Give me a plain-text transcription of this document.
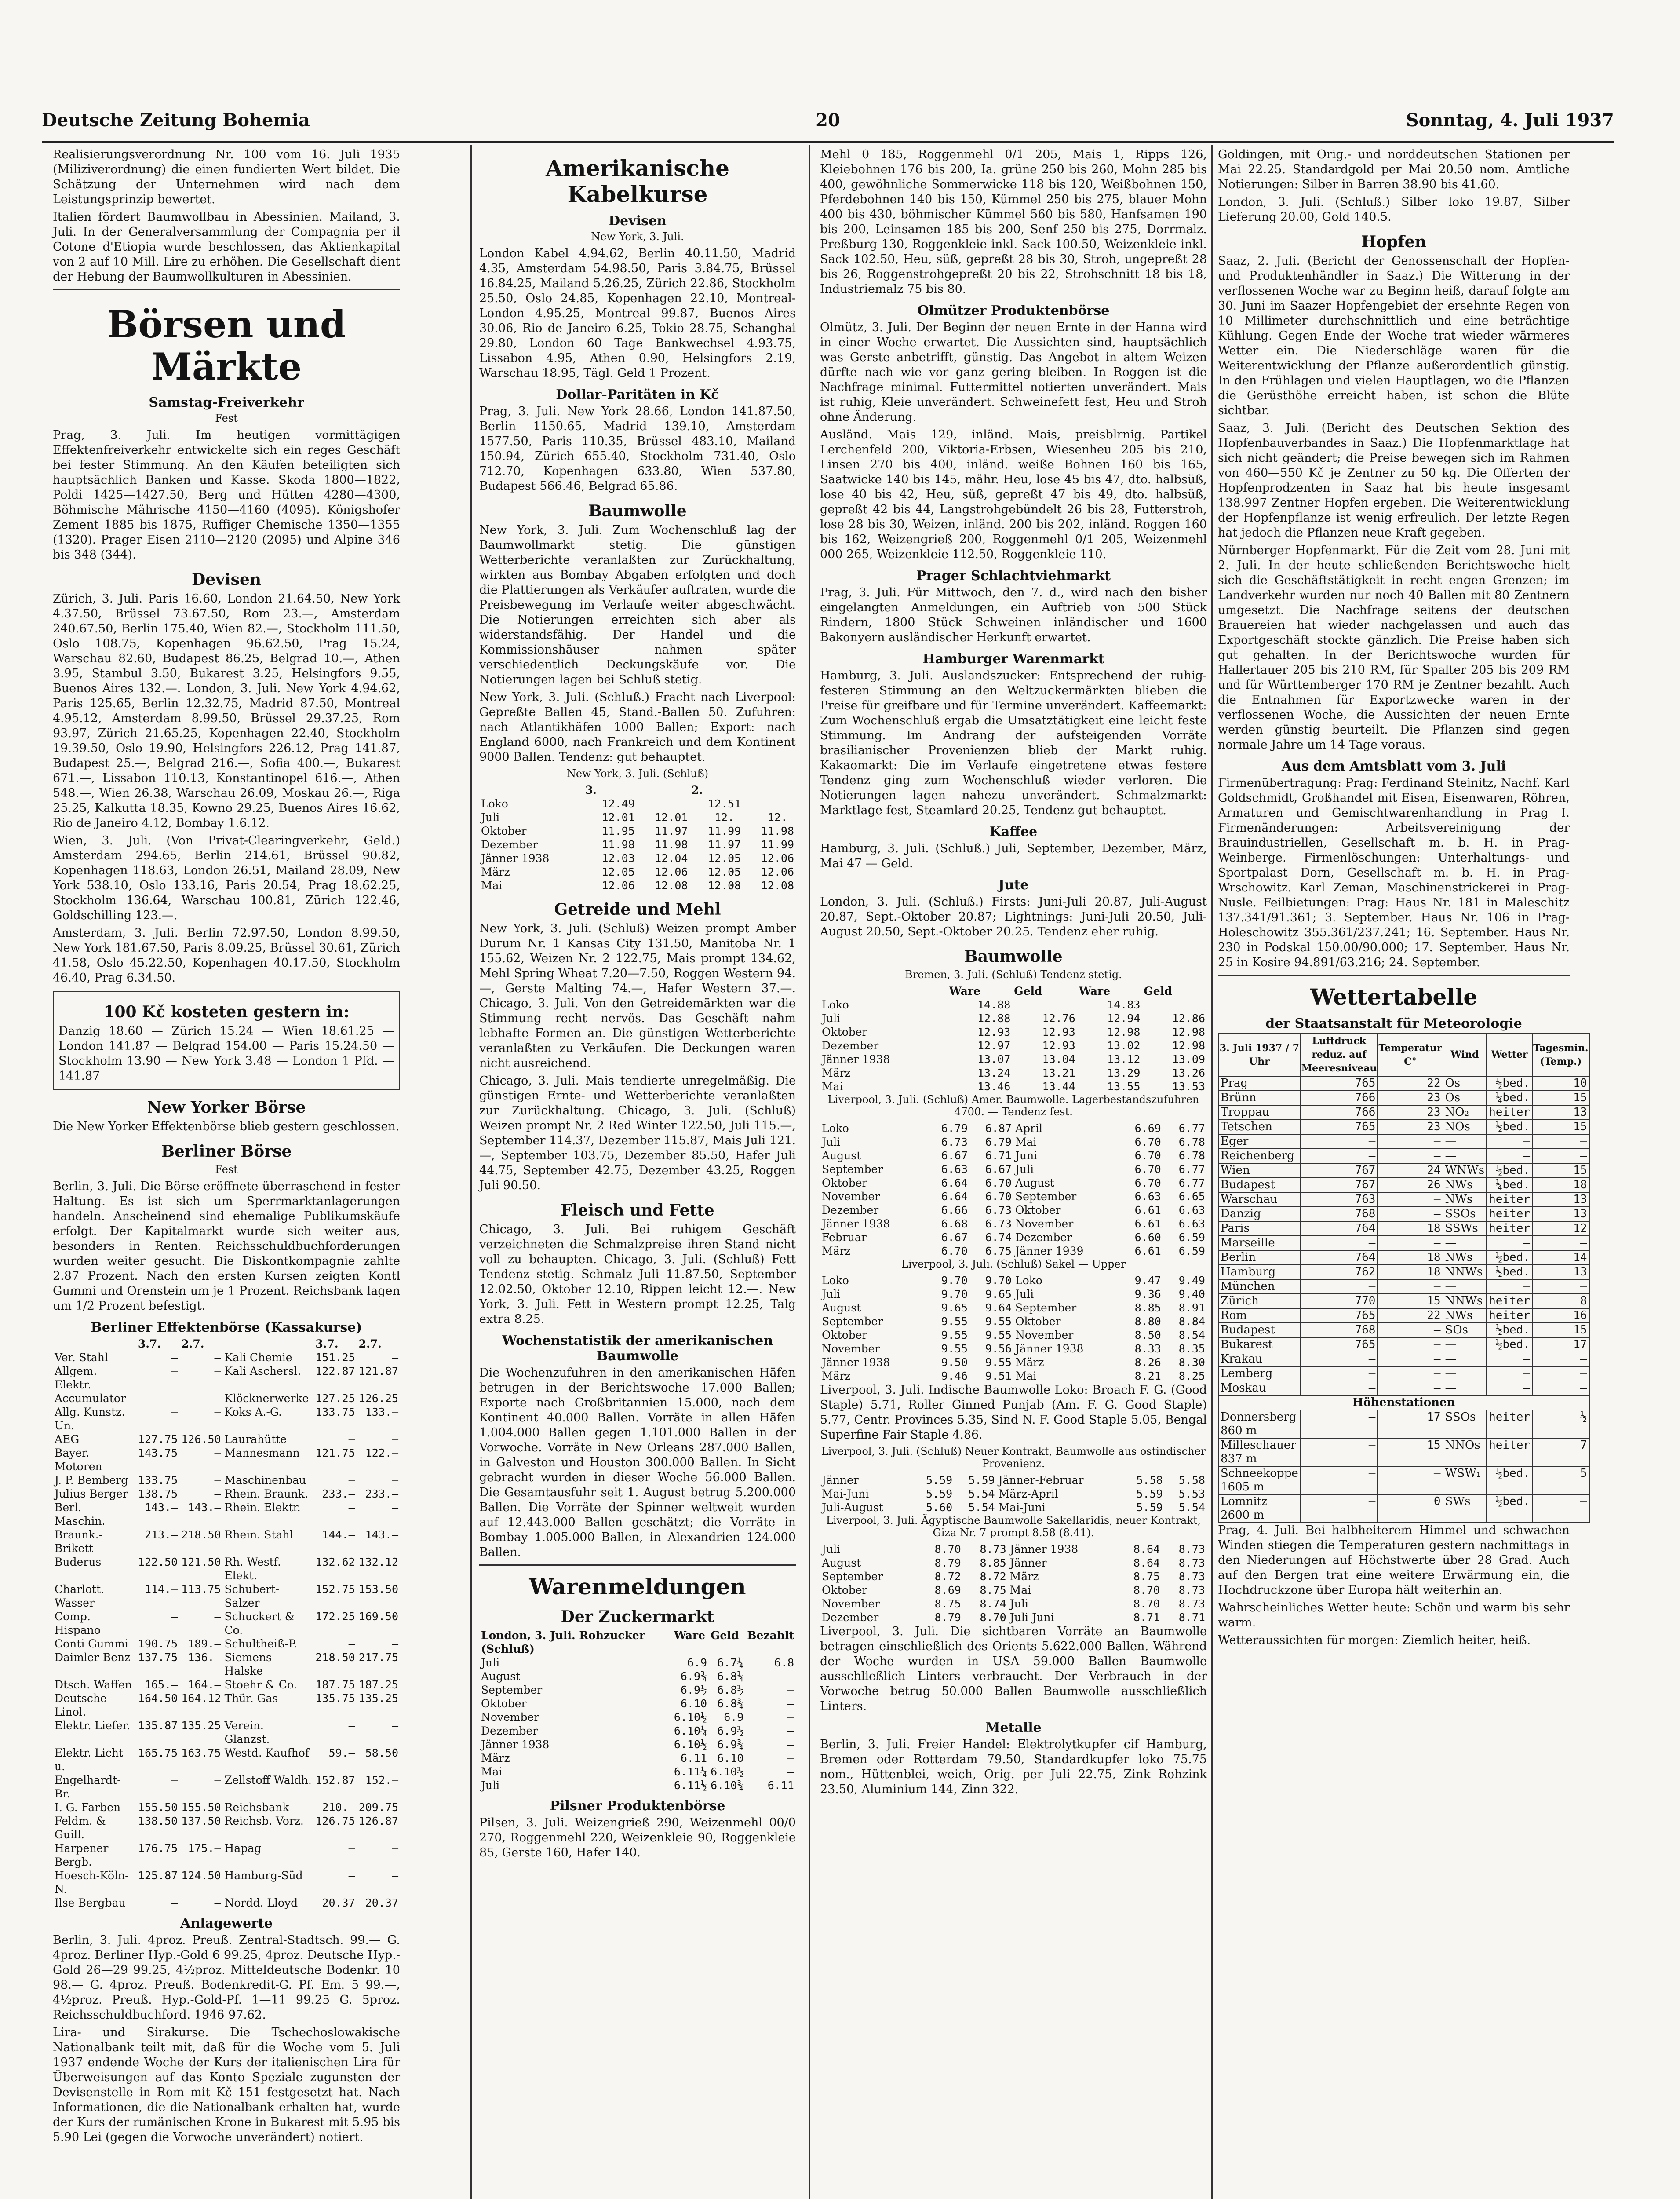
Deutsche Zeitung Bohemia	20	Sonntag, 4. Juli 1937

Realisierungsverordnung Nr. 100 vom 16. Juli 1935 (Miliziverordnung) die einen fundierten Wert bildet. Die Schätzung der Unternehmen wird nach dem Leistungsprinzip bewertet.

Italien fördert Baumwollbau in Abessinien. Mailand, 3. Juli. In der Generalversammlung der Compagnia per il Cotone d'Etiopia wurde beschlossen, das Aktienkapital von 2 auf 10 Mill. Lire zu erhöhen. Die Gesellschaft dient der Hebung der Baumwollkulturen in Abessinien.

Börsen und Märkte
Samstag-Freiverkehr
Fest

Prag, 3. Juli. Im heutigen vormittägigen Effektenfreiverkehr entwickelte sich ein reges Geschäft bei fester Stimmung. An den Käufen beteiligten sich hauptsächlich Banken und Kasse. Skoda 1800—1822, Poldi 1425—1427.50, Berg und Hütten 4280—4300, Böhmische Mährische 4150—4160 (4095). Königshofer Zement 1885 bis 1875, Ruffiger Chemische 1350—1355 (1320). Prager Eisen 2110—2120 (2095) und Alpine 346 bis 348 (344).

Devisen

Zürich, 3. Juli. Paris 16.60, London 21.64.50, New York 4.37.50, Brüssel 73.67.50, Rom 23.—, Amsterdam 240.67.50, Berlin 175.40, Wien 82.—, Stockholm 111.50, Oslo 108.75, Kopenhagen 96.62.50, Prag 15.24, Warschau 82.60, Budapest 86.25, Belgrad 10.—, Athen 3.95, Stambul 3.50, Bukarest 3.25, Helsingfors 9.55, Buenos Aires 132.—. London, 3. Juli. New York 4.94.62, Paris 125.65, Berlin 12.32.75, Madrid 87.50, Montreal 4.95.12, Amsterdam 8.99.50, Brüssel 29.37.25, Rom 93.97, Zürich 21.65.25, Kopenhagen 22.40, Stockholm 19.39.50, Oslo 19.90, Helsingfors 226.12, Prag 141.87, Budapest 25.—, Belgrad 216.—, Sofia 400.—, Bukarest 671.—, Lissabon 110.13, Konstantinopel 616.—, Athen 548.—, Wien 26.38, Warschau 26.09, Moskau 26.—, Riga 25.25, Kalkutta 18.35, Kowno 29.25, Buenos Aires 16.62, Rio de Janeiro 4.12, Bombay 1.6.12.

Wien, 3. Juli. (Von Privat-Clearingverkehr, Geld.) Amsterdam 294.65, Berlin 214.61, Brüssel 90.82, Kopenhagen 118.63, London 26.51, Mailand 28.09, New York 538.10, Oslo 133.16, Paris 20.54, Prag 18.62.25, Stockholm 136.64, Warschau 100.81, Zürich 122.46, Goldschilling 123.—.

Amsterdam, 3. Juli. Berlin 72.97.50, London 8.99.50, New York 181.67.50, Paris 8.09.25, Brüssel 30.61, Zürich 41.58, Oslo 45.22.50, Kopenhagen 40.17.50, Stockholm 46.40, Prag 6.34.50.

100 Kč kosteten gestern in:

Danzig 18.60 — Zürich 15.24 — Wien 18.61.25 — London 141.87 — Belgrad 154.00 — Paris 15.24.50 — Stockholm 13.90 — New York 3.48 — London 1 Pfd. — 141.87

New Yorker Börse

Die New Yorker Effektenbörse blieb gestern geschlossen.

Berliner Börse
Fest

Berlin, 3. Juli. Die Börse eröffnete überraschend in fester Haltung. Es ist sich um Sperrmarktanlagerungen handeln. Anscheinend sind ehemalige Publikumskäufe erfolgt. Der Kapitalmarkt wurde sich weiter aus, besonders in Renten. Reichsschuldbuchforderungen wurden weiter gesucht. Die Diskontkompagnie zahlte 2.87 Prozent. Nach den ersten Kursen zeigten Kontl Gummi und Orenstein um je 1 Prozent. Reichsbank lagen um 1/2 Prozent befestigt.

Berliner Effektenbörse (Kassakurse)
	3.7.	2.7.		3.7.	2.7.
Ver. Stahl	—	—	Kali Chemie	151.25	—
Allgem. Elektr.	—	—	Kali Aschersl.	122.87	121.87
Accumulator	—	—	Klöcknerwerke	127.25	126.25
Allg. Kunstz. Un.	—	—	Koks A.-G.	133.75	133.—
AEG	127.75	126.50	Laurahütte	—	—
Bayer. Motoren	143.75	—	Mannesmann	121.75	122.—
J. P. Bemberg	133.75	—	Maschinenbau	—	—
Julius Berger	138.75	—	Rhein. Braunk.	233.—	233.—
Berl. Maschin.	143.—	143.—	Rhein. Elektr.	—	—
Braunk.-Brikett	213.—	218.50	Rhein. Stahl	144.—	143.—
Buderus	122.50	121.50	Rh. Westf. Elekt.	132.62	132.12
Charlott. Wasser	114.—	113.75	Schubert-Salzer	152.75	153.50
Comp. Hispano	—	—	Schuckert & Co.	172.25	169.50
Conti Gummi	190.75	189.—	Schultheiß-P.	—	—
Daimler-Benz	137.75	136.—	Siemens-Halske	218.50	217.75
Dtsch. Waffen	165.—	164.—	Stoehr & Co.	187.75	187.25
Deutsche Linol.	164.50	164.12	Thür. Gas	135.75	135.25
Elektr. Liefer.	135.87	135.25	Verein. Glanzst.	—	—
Elektr. Licht u.	165.75	163.75	Westd. Kaufhof	59.—	58.50
Engelhardt-Br.	—	—	Zellstoff Waldh.	152.87	152.—
I. G. Farben	155.50	155.50	Reichsbank	210.—	209.75
Feldm. & Guill.	138.50	137.50	Reichsb. Vorz.	126.75	126.87
Harpener Bergb.	176.75	175.—	Hapag	—	—
Hoesch-Köln-N.	125.87	124.50	Hamburg-Süd	—	—
Ilse Bergbau	—	—	Nordd. Lloyd	20.37	20.37
Anlagewerte

Berlin, 3. Juli. 4proz. Preuß. Zentral-Stadtsch. 99.— G. 4proz. Berliner Hyp.-Gold 6 99.25, 4proz. Deutsche Hyp.-Gold 26—29 99.25, 4½proz. Mitteldeutsche Bodenkr. 10 98.— G. 4proz. Preuß. Bodenkredit-G. Pf. Em. 5 99.—, 4½proz. Preuß. Hyp.-Gold-Pf. 1—11 99.25 G. 5proz. Reichsschuldbuchford. 1946 97.62.

Lira- und Sirakurse. Die Tschechoslowakische Nationalbank teilt mit, daß für die Woche vom 5. Juli 1937 endende Woche der Kurs der italienischen Lira für Überweisungen auf das Konto Speziale zugunsten der Devisenstelle in Rom mit Kč 151 festgesetzt hat. Nach Informationen, die die Nationalbank erhalten hat, wurde der Kurs der rumänischen Krone in Bukarest mit 5.95 bis 5.90 Lei (gegen die Vorwoche unverändert) notiert.

Amerikanische Kabelkurse
Devisen
New York, 3. Juli.

London Kabel 4.94.62, Berlin 40.11.50, Madrid 4.35, Amsterdam 54.98.50, Paris 3.84.75, Brüssel 16.84.25, Mailand 5.26.25, Zürich 22.86, Stockholm 25.50, Oslo 24.85, Kopenhagen 22.10, Montreal-London 4.95.25, Montreal 99.87, Buenos Aires 30.06, Rio de Janeiro 6.25, Tokio 28.75, Schanghai 29.80, London 60 Tage Bankwechsel 4.93.75, Lissabon 4.95, Athen 0.90, Helsingfors 2.19, Warschau 18.95, Tägl. Geld 1 Prozent.

Dollar-Paritäten in Kč

Prag, 3. Juli. New York 28.66, London 141.87.50, Berlin 1150.65, Madrid 139.10, Amsterdam 1577.50, Paris 110.35, Brüssel 483.10, Mailand 150.94, Zürich 655.40, Stockholm 731.40, Oslo 712.70, Kopenhagen 633.80, Wien 537.80, Budapest 566.46, Belgrad 65.86.

Baumwolle

New York, 3. Juli. Zum Wochenschluß lag der Baumwollmarkt stetig. Die günstigen Wetterberichte veranlaßten zur Zurückhaltung, wirkten aus Bombay Abgaben erfolgten und doch die Plattierungen als Verkäufer auftraten, wurde die Preisbewegung im Verlaufe weiter abgeschwächt. Die Notierungen erreichten sich aber als widerstandsfähig. Der Handel und die Kommissionshäuser nahmen später verschiedentlich Deckungskäufe vor. Die Notierungen lagen bei Schluß stetig.

New York, 3. Juli. (Schluß.) Fracht nach Liverpool: Gepreßte Ballen 45, Stand.-Ballen 50. Zufuhren: nach Atlantikhäfen 1000 Ballen; Export: nach England 6000, nach Frankreich und dem Kontinent 9000 Ballen. Tendenz: gut behauptet.

New York, 3. Juli. (Schluß)
	3.		2.	
Loko	12.49		12.51	
Juli	12.01	12.01	12.—	12.—
Oktober	11.95	11.97	11.99	11.98
Dezember	11.98	11.98	11.97	11.99
Jänner 1938	12.03	12.04	12.05	12.06
März	12.05	12.06	12.05	12.06
Mai	12.06	12.08	12.08	12.08
Getreide und Mehl

New York, 3. Juli. (Schluß) Weizen prompt Amber Durum Nr. 1 Kansas City 131.50, Manitoba Nr. 1 155.62, Weizen Nr. 2 122.75, Mais prompt 134.62, Mehl Spring Wheat 7.20—7.50, Roggen Western 94.—, Gerste Malting 74.—, Hafer Western 37.—. Chicago, 3. Juli. Von den Getreidemärkten war die Stimmung recht nervös. Das Geschäft nahm lebhafte Formen an. Die günstigen Wetterberichte veranlaßten zu Verkäufen. Die Deckungen waren nicht ausreichend.

Chicago, 3. Juli. Mais tendierte unregelmäßig. Die günstigen Ernte- und Wetterberichte veranlaßten zur Zurückhaltung. Chicago, 3. Juli. (Schluß) Weizen prompt Nr. 2 Red Winter 122.50, Juli 115.—, September 114.37, Dezember 115.87, Mais Juli 121.—, September 103.75, Dezember 85.50, Hafer Juli 44.75, September 42.75, Dezember 43.25, Roggen Juli 90.50.

Fleisch und Fette

Chicago, 3. Juli. Bei ruhigem Geschäft verzeichneten die Schmalzpreise ihren Stand nicht voll zu behaupten. Chicago, 3. Juli. (Schluß) Fett Tendenz stetig. Schmalz Juli 11.87.50, September 12.02.50, Oktober 12.10, Rippen leicht 12.—. New York, 3. Juli. Fett in Western prompt 12.25, Talg extra 8.25.

Wochenstatistik der amerikanischen Baumwolle

Die Wochenzufuhren in den amerikanischen Häfen betrugen in der Berichtswoche 17.000 Ballen; Exporte nach Großbritannien 15.000, nach dem Kontinent 40.000 Ballen. Vorräte in allen Häfen 1.004.000 Ballen gegen 1.101.000 Ballen in der Vorwoche. Vorräte in New Orleans 287.000 Ballen, in Galveston und Houston 300.000 Ballen. In Sicht gebracht wurden in dieser Woche 56.000 Ballen. Die Gesamtausfuhr seit 1. August betrug 5.200.000 Ballen. Die Vorräte der Spinner weltweit wurden auf 12.443.000 Ballen geschätzt; die Vorräte in Bombay 1.005.000 Ballen, in Alexandrien 124.000 Ballen.

Warenmeldungen
Der Zuckermarkt
London, 3. Juli. Rohzucker (Schluß)	Ware	Geld	Bezahlt
Juli	6.9	6.7¼	6.8
August	6.9¾	6.8¼	—
September	6.9½	6.8½	—
Oktober	6.10	6.8¾	—
November	6.10½	6.9	—
Dezember	6.10¼	6.9½	—
Jänner 1938	6.10½	6.9¾	—
März	6.11	6.10	—
Mai	6.11¼	6.10½	—
Juli	6.11½	6.10¾	6.11
Pilsner Produktenbörse

Pilsen, 3. Juli. Weizengrieß 290, Weizenmehl 00/0 270, Roggenmehl 220, Weizenkleie 90, Roggenkleie 85, Gerste 160, Hafer 140.

Mehl 0 185, Roggenmehl 0/1 205, Mais 1, Ripps 126, Kleiebohnen 176 bis 200, Ia. grüne 250 bis 260, Mohn 285 bis 400, gewöhnliche Sommerwicke 118 bis 120, Weißbohnen 150, Pferdebohnen 140 bis 150, Kümmel 250 bis 275, blauer Mohn 400 bis 430, böhmischer Kümmel 560 bis 580, Hanfsamen 190 bis 200, Leinsamen 185 bis 200, Senf 250 bis 275, Dorrmalz. Preßburg 130, Roggenkleie inkl. Sack 100.50, Weizenkleie inkl. Sack 102.50, Heu, süß, gepreßt 28 bis 30, Stroh, ungepreßt 28 bis 26, Roggenstrohgepreßt 20 bis 22, Strohschnitt 18 bis 18, Industriemalz 75 bis 80.

Olmützer Produktenbörse

Olmütz, 3. Juli. Der Beginn der neuen Ernte in der Hanna wird in einer Woche erwartet. Die Aussichten sind, hauptsächlich was Gerste anbetrifft, günstig. Das Angebot in altem Weizen dürfte nach wie vor ganz gering bleiben. In Roggen ist die Nachfrage minimal. Futtermittel notierten unverändert. Mais ist ruhig, Kleie unverändert. Schweinefett fest, Heu und Stroh ohne Änderung.

Ausländ. Mais 129, inländ. Mais, preisblrnig. Partikel Lerchenfeld 200, Viktoria-Erbsen, Wiesenheu 205 bis 210, Linsen 270 bis 400, inländ. weiße Bohnen 160 bis 165, Saatwicke 140 bis 145, mähr. Heu, lose 45 bis 47, dto. halbsüß, lose 40 bis 42, Heu, süß, gepreßt 47 bis 49, dto. halbsüß, gepreßt 42 bis 44, Langstrohgebündelt 26 bis 28, Futterstroh, lose 28 bis 30, Weizen, inländ. 200 bis 202, inländ. Roggen 160 bis 162, Weizengrieß 200, Roggenmehl 0/1 205, Weizenmehl 000 265, Weizenkleie 112.50, Roggenkleie 110.

Prager Schlachtviehmarkt

Prag, 3. Juli. Für Mittwoch, den 7. d., wird nach den bisher eingelangten Anmeldungen, ein Auftrieb von 500 Stück Rindern, 1800 Stück Schweinen inländischer und 1600 Bakonyern ausländischer Herkunft erwartet.

Hamburger Warenmarkt

Hamburg, 3. Juli. Auslandszucker: Entsprechend der ruhig-festeren Stimmung an den Weltzuckermärkten blieben die Preise für greifbare und für Termine unverändert. Kaffeemarkt: Zum Wochenschluß ergab die Umsatztätigkeit eine leicht feste Stimmung. Im Andrang der aufsteigenden Vorräte brasilianischer Provenienzen blieb der Markt ruhig. Kakaomarkt: Die im Verlaufe eingetretene etwas festere Tendenz ging zum Wochenschluß wieder verloren. Die Notierungen lagen nahezu unverändert. Schmalzmarkt: Marktlage fest, Steamlard 20.25, Tendenz gut behauptet.

Kaffee

Hamburg, 3. Juli. (Schluß.) Juli, September, Dezember, März, Mai 47 — Geld.

Jute

London, 3. Juli. (Schluß.) Firsts: Juni-Juli 20.87, Juli-August 20.87, Sept.-Oktober 20.87; Lightnings: Juni-Juli 20.50, Juli-August 20.50, Sept.-Oktober 20.25. Tendenz eher ruhig.

Baumwolle
Bremen, 3. Juli. (Schluß) Tendenz stetig.
	Ware	Geld	Ware	Geld
Loko	14.88		14.83	
Juli	12.88	12.76	12.94	12.86
Oktober	12.93	12.93	12.98	12.98
Dezember	12.97	12.93	13.02	12.98
Jänner 1938	13.07	13.04	13.12	13.09
März	13.24	13.21	13.29	13.26
Mai	13.46	13.44	13.55	13.53
Liverpool, 3. Juli. (Schluß) Amer. Baumwolle. Lagerbestandszufuhren 4700. — Tendenz fest.
Loko	6.79	6.87	April	6.69	6.77
Juli	6.73	6.79	Mai	6.70	6.78
August	6.67	6.71	Juni	6.70	6.78
September	6.63	6.67	Juli	6.70	6.77
Oktober	6.64	6.70	August	6.70	6.77
November	6.64	6.70	September	6.63	6.65
Dezember	6.66	6.73	Oktober	6.61	6.63
Jänner 1938	6.68	6.73	November	6.61	6.63
Februar	6.67	6.74	Dezember	6.60	6.59
März	6.70	6.75	Jänner 1939	6.61	6.59
Liverpool, 3. Juli. (Schluß) Sakel — Upper
Loko	9.70	9.70	Loko	9.47	9.49
Juli	9.70	9.65	Juli	9.36	9.40
August	9.65	9.64	September	8.85	8.91
September	9.55	9.55	Oktober	8.80	8.84
Oktober	9.55	9.55	November	8.50	8.54
November	9.55	9.56	Jänner 1938	8.33	8.35
Jänner 1938	9.50	9.55	März	8.26	8.30
März	9.46	9.51	Mai	8.21	8.25

Liverpool, 3. Juli. Indische Baumwolle Loko: Broach F. G. (Good Staple) 5.71, Roller Ginned Punjab (Am. F. G. Good Staple) 5.77, Centr. Provinces 5.35, Sind N. F. Good Staple 5.05, Bengal Superfine Fair Staple 4.86.

Liverpool, 3. Juli. (Schluß) Neuer Kontrakt, Baumwolle aus ostindischer Provenienz.
Jänner	5.59	5.59	Jänner-Februar	5.58	5.58
Mai-Juni	5.59	5.54	März-April	5.59	5.53
Juli-August	5.60	5.54	Mai-Juni	5.59	5.54
Liverpool, 3. Juli. Ägyptische Baumwolle Sakellaridis, neuer Kontrakt, Giza Nr. 7 prompt 8.58 (8.41).
Juli	8.70	8.73	Jänner 1938	8.64	8.73
August	8.79	8.85	Jänner	8.64	8.73
September	8.72	8.72	März	8.75	8.73
Oktober	8.69	8.75	Mai	8.70	8.73
November	8.75	8.74	Juli	8.70	8.73
Dezember	8.79	8.70	Juli-Juni	8.71	8.71

Liverpool, 3. Juli. Die sichtbaren Vorräte an Baumwolle betragen einschließlich des Orients 5.622.000 Ballen. Während der Woche wurden in USA 59.000 Ballen Baumwolle ausschließlich Linters verbraucht. Der Verbrauch in der Vorwoche betrug 50.000 Ballen Baumwolle ausschließlich Linters.

Metalle

Berlin, 3. Juli. Freier Handel: Elektrolytkupfer cif Hamburg, Bremen oder Rotterdam 79.50, Standardkupfer loko 75.75 nom., Hüttenblei, weich, Orig. per Juli 22.75, Zink Rohzink 23.50, Aluminium 144, Zinn 322.

Goldingen, mit Orig.- und norddeutschen Stationen per Mai 22.25. Standardgold per Mai 20.50 nom. Amtliche Notierungen: Silber in Barren 38.90 bis 41.60.

London, 3. Juli. (Schluß.) Silber loko 19.87, Silber Lieferung 20.00, Gold 140.5.

Hopfen

Saaz, 2. Juli. (Bericht der Genossenschaft der Hopfen- und Produktenhändler in Saaz.) Die Witterung in der verflossenen Woche war zu Beginn heiß, darauf folgte am 30. Juni im Saazer Hopfengebiet der ersehnte Regen von 10 Millimeter durchschnittlich und eine beträchtige Kühlung. Gegen Ende der Woche trat wieder wärmeres Wetter ein. Die Niederschläge waren für die Weiterentwicklung der Pflanze außerordentlich günstig. In den Frühlagen und vielen Hauptlagen, wo die Pflanzen die Gerüsthöhe erreicht haben, ist schon die Blüte sichtbar.

Saaz, 3. Juli. (Bericht des Deutschen Sektion des Hopfenbauverbandes in Saaz.) Die Hopfenmarktlage hat sich nicht geändert; die Preise bewegen sich im Rahmen von 460—550 Kč je Zentner zu 50 kg. Die Offerten der Hopfenprodzenten in Saaz hat bis heute insgesamt 138.997 Zentner Hopfen ergeben. Die Weiterentwicklung der Hopfenpflanze ist wenig erfreulich. Der letzte Regen hat jedoch die Pflanzen neue Kraft gegeben.

Nürnberger Hopfenmarkt. Für die Zeit vom 28. Juni mit 2. Juli. In der heute schließenden Berichtswoche hielt sich die Geschäftstätigkeit in recht engen Grenzen; im Landverkehr wurden nur noch 40 Ballen mit 80 Zentnern umgesetzt. Die Nachfrage seitens der deutschen Brauereien hat wieder nachgelassen und auch das Exportgeschäft stockte gänzlich. Die Preise haben sich gut gehalten. In der Berichtswoche wurden für Hallertauer 205 bis 210 RM, für Spalter 205 bis 209 RM und für Württemberger 170 RM je Zentner bezahlt. Auch die Entnahmen für Exportzwecke waren in der verflossenen Woche, die Aussichten der neuen Ernte werden günstig beurteilt. Die Pflanzen sind gegen normale Jahre um 14 Tage voraus.

Aus dem Amtsblatt vom 3. Juli

Firmenübertragung: Prag: Ferdinand Steinitz, Nachf. Karl Goldschmidt, Großhandel mit Eisen, Eisenwaren, Röhren, Armaturen und Gemischtwarenhandlung in Prag I. Firmenänderungen: Arbeitsvereinigung der Brauindustriellen, Gesellschaft m. b. H. in Prag-Weinberge. Firmenlöschungen: Unterhaltungs- und Sportpalast Dorn, Gesellschaft m. b. H. in Prag-Wrschowitz. Karl Zeman, Maschinenstrickerei in Prag-Nusle. Feilbietungen: Prag: Haus Nr. 181 in Maleschitz 137.341/91.361; 3. September. Haus Nr. 106 in Prag-Holeschowitz 355.361/237.241; 16. September. Haus Nr. 230 in Podskal 150.00/90.000; 17. September. Haus Nr. 25 in Kosire 94.891/63.216; 24. September.

Wettertabelle
der Staatsanstalt für Meteorologie
3. Juli 1937 / 7 Uhr	Luftdruck reduz. auf Meeresniveau	Temperatur C°	Wind	Wetter	Tagesmin. (Temp.)
Prag	765	22	Os	½bed.	10
Brünn	766	23	Os	¼bed.	15
Troppau	766	23	NO₂	heiter	13
Tetschen	765	23	NOs	½bed.	15
Eger	—	—	—	—	—
Reichenberg	—	—	—	—	—
Wien	767	24	WNWs	½bed.	15
Budapest	767	26	NWs	¼bed.	18
Warschau	763	—	NWs	heiter	13
Danzig	768	—	SSOs	heiter	13
Paris	764	18	SSWs	heiter	12
Marseille	—	—	—	—	—
Berlin	764	18	NWs	½bed.	14
Hamburg	762	18	NNWs	½bed.	13
München	—	—	—	—	—
Zürich	770	15	NNWs	heiter	8
Rom	765	22	NWs	heiter	16
Budapest	768	—	SOs	½bed.	15
Bukarest	765	—	—	½bed.	17
Krakau	—	—	—	—	—
Lemberg	—	—	—	—	—
Moskau	—	—	—	—	—
Höhenstationen					
Donnersberg 860 m	—	17	SSOs	heiter	½
Milleschauer 837 m	—	15	NNOs	heiter	7
Schneekoppe 1605 m	—	—	WSW₁	½bed.	5
Lomnitz 2600 m	—	0	SWs	½bed.	—

Prag, 4. Juli. Bei halbheiterem Himmel und schwachen Winden stiegen die Temperaturen gestern nachmittags in den Niederungen auf Höchstwerte über 28 Grad. Auch auf den Bergen trat eine weitere Erwärmung ein, die Hochdruckzone über Europa hält weiterhin an.

Wahrscheinliches Wetter heute: Schön und warm bis sehr warm.

Wetteraussichten für morgen: Ziemlich heiter, heiß.
